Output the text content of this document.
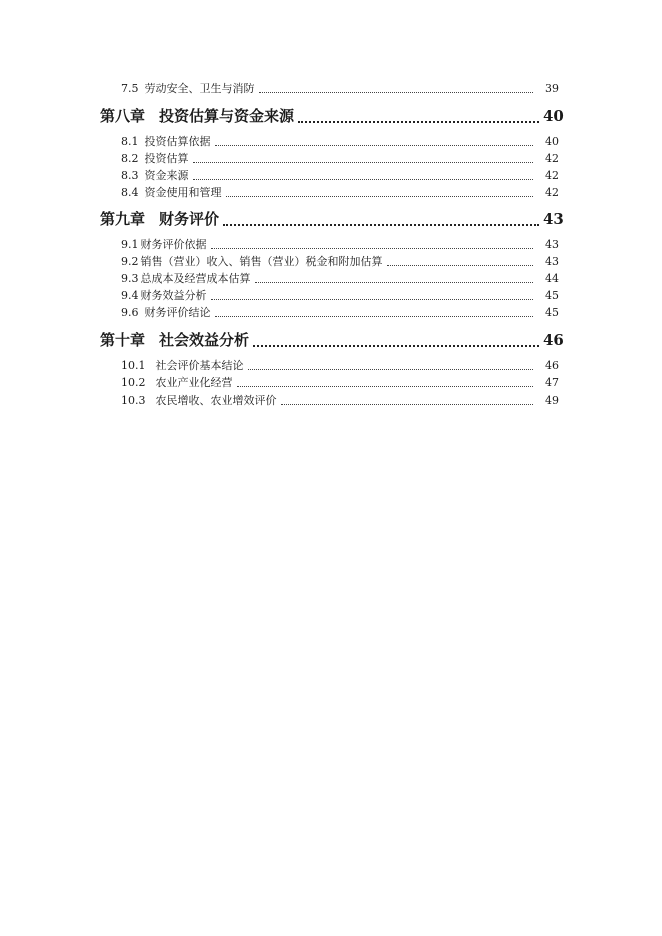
7.5 劳动安全、卫生与消防	39
第八章 投资估算与资金来源	40
8.1 投资估算依据	40
8.2 投资估算	42
8.3 资金来源	42
8.4 资金使用和管理	42
第九章 财务评价	43
9.1 财务评价依据	43
9.2 销售（营业）收入、销售（营业）税金和附加估算	43
9.3 总成本及经营成本估算	44
9.4 财务效益分析	45
9.6 财务评价结论	45
第十章 社会效益分析	46
10.1 社会评价基本结论	46
10.2 农业产业化经营	47
10.3 农民增收、农业增效评价	49
